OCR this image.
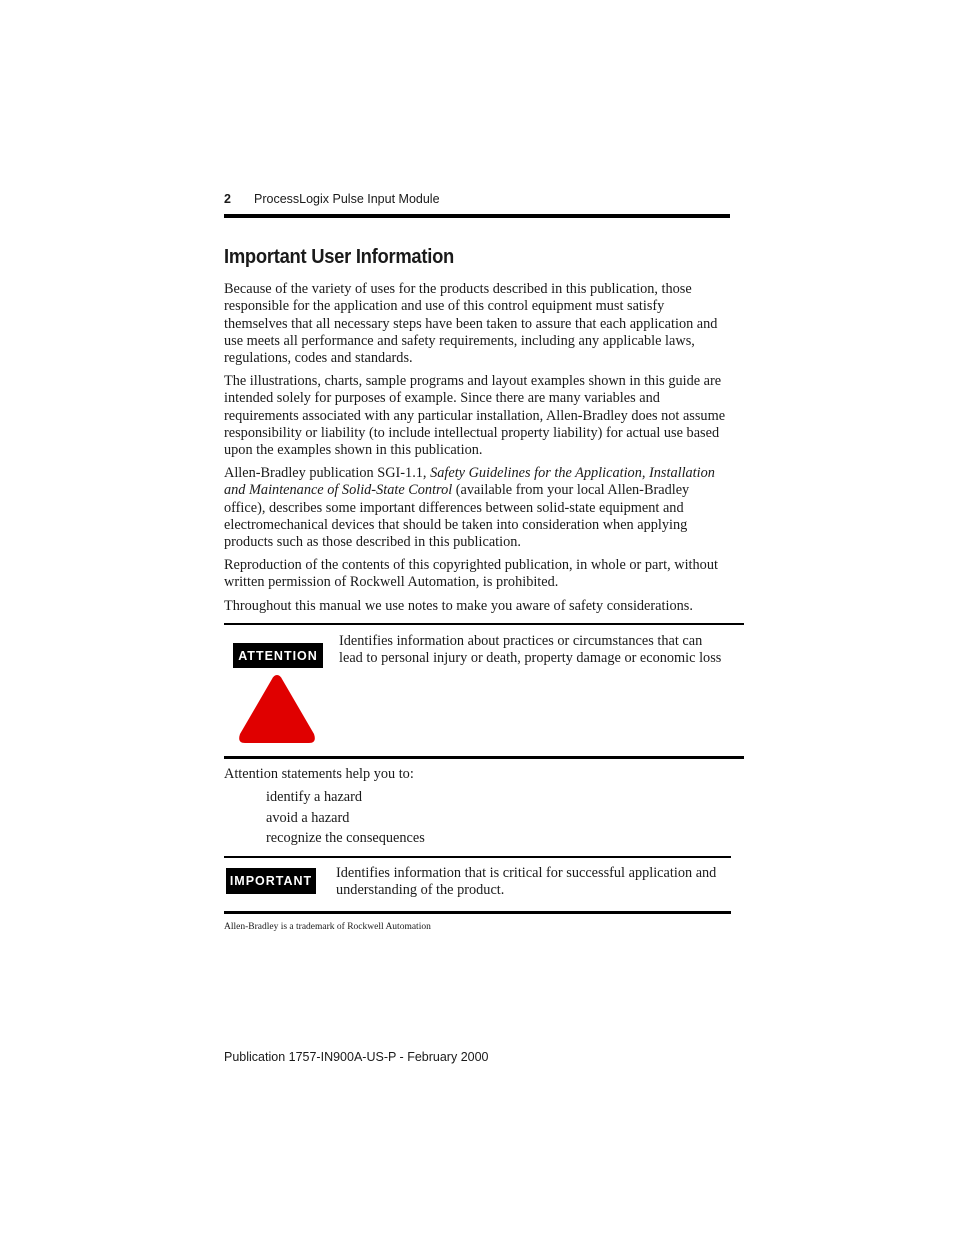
2 ProcessLogix Pulse Input Module
Important User Information

Because of the variety of uses for the products described in this publication, those responsible for the application and use of this control equipment must satisfy themselves that all necessary steps have been taken to assure that each application and use meets all performance and safety requirements, including any applicable laws, regulations, codes and standards.

The illustrations, charts, sample programs and layout examples shown in this guide are intended solely for purposes of example. Since there are many variables and requirements associated with any particular installation, Allen-Bradley does not assume responsibility or liability (to include intellectual property liability) for actual use based upon the examples shown in this publication.

Allen-Bradley publication SGI-1.1, Safety Guidelines for the Application, Installation and Maintenance of Solid-State Control (available from your local Allen-Bradley office), describes some important differences between solid-state equipment and electromechanical devices that should be taken into consideration when applying products such as those described in this publication.

Reproduction of the contents of this copyrighted publication, in whole or part, without written permission of Rockwell Automation, is prohibited.

Throughout this manual we use notes to make you aware of safety considerations.

ATTENTION

Identifies information about practices or circumstances that can lead to personal injury or death, property damage or economic loss

Attention statements help you to:

identify a hazard
avoid a hazard
recognize the consequences
IMPORTANT Identifies information that is critical for successful application and understanding of the product.

Allen-Bradley is a trademark of Rockwell Automation
Publication 1757-IN900A-US-P - February 2000
